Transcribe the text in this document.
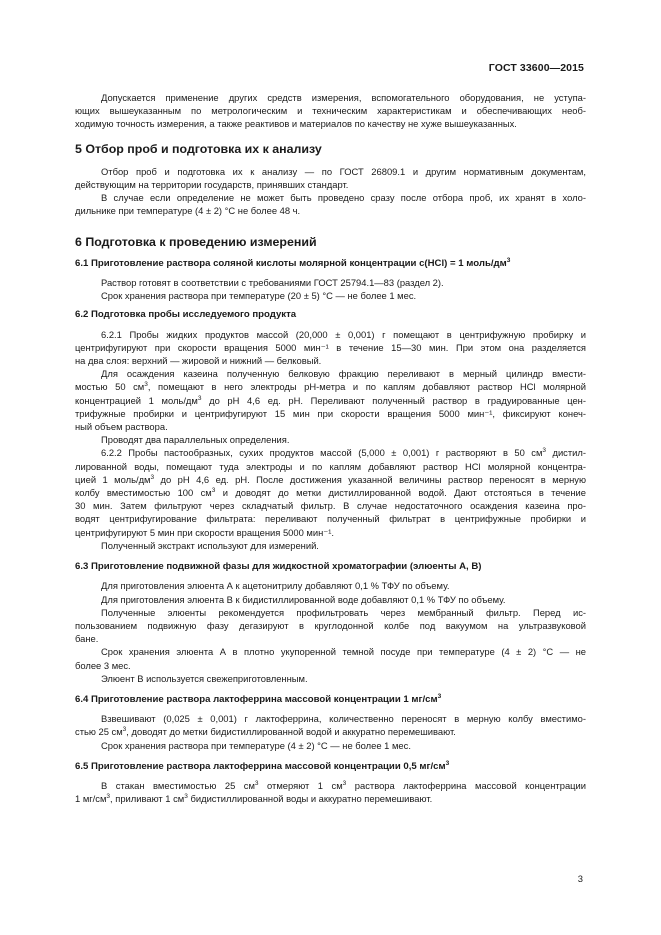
ГОСТ 33600—2015
Допускается применение других средств измерения, вспомогательного оборудования, не уступа-
ющих вышеуказанным по метрологическим и техническим характеристикам и обеспечивающих необ-
ходимую точность измерения, а также реактивов и материалов по качеству не хуже вышеуказанных.
5 Отбор проб и подготовка их к анализу
Отбор проб и подготовка их к анализу — по ГОСТ 26809.1 и другим нормативным документам,
действующим на территории государств, принявших стандарт.
В случае если определение не может быть проведено сразу после отбора проб, их хранят в холо-
дильнике при температуре (4 ± 2) °C не более 48 ч.
6 Подготовка к проведению измерений
6.1 Приготовление раствора соляной кислоты молярной концентрации c(HCl) = 1 моль/$дм^3$
Раствор готовят в соответствии с требованиями ГОСТ 25794.1—83 (раздел 2).
Срок хранения раствора при температуре (20 ± 5) °C — не более 1 мес.
6.2 Подготовка пробы исследуемого продукта
6.2.1 Пробы жидких продуктов массой (20,000 ± 0,001) г помещают в центрифужную пробирку и
центрифугируют при скорости вращения 5000 мин⁻¹ в течение 15—30 мин. При этом она разделяется
на два слоя: верхний — жировой и нижний — белковый.
Для осаждения казеина полученную белковую фракцию переливают в мерный цилиндр вмести-
мостью 50 $см^3$, помещают в него электроды pH-метра и по каплям добавляют раствор HCl молярной
концентрацией 1 моль/$дм^3$ до pH 4,6 ед. pH. Переливают полученный раствор в градуированные цен-
трифужные пробирки и центрифугируют 15 мин при скорости вращения 5000 мин⁻¹, фиксируют конеч-
ный объем раствора.
Проводят два параллельных определения.
6.2.2 Пробы пастообразных, сухих продуктов массой (5,000 ± 0,001) г растворяют в 50 $см^3$ дистил-
лированной воды, помещают туда электроды и по каплям добавляют раствор HCl молярной концентра-
цией 1 моль/$дм^3$ до pH 4,6 ед. pH. После достижения указанной величины раствор переносят в мерную
колбу вместимостью 100 $см^3$ и доводят до метки дистиллированной водой. Дают отстояться в течение
30 мин. Затем фильтруют через складчатый фильтр. В случае недостаточного осаждения казеина про-
водят центрифугирование фильтрата: переливают полученный фильтрат в центрифужные пробирки и
центрифугируют 5 мин при скорости вращения 5000 мин⁻¹.
Полученный экстракт используют для измерений.
6.3 Приготовление подвижной фазы для жидкостной хроматографии (элюенты А, В)
Для приготовления элюента А к ацетонитрилу добавляют 0,1 % ТФУ по объему.
Для приготовления элюента В к бидистиллированной воде добавляют 0,1 % ТФУ по объему.
Полученные элюенты рекомендуется профильтровать через мембранный фильтр. Перед ис-
пользованием подвижную фазу дегазируют в круглодонной колбе под вакуумом на ультразвуковой
бане.
Срок хранения элюента А в плотно укупоренной темной посуде при температуре (4 ± 2) °C — не
более 3 мес.
Элюент В используется свежеприготовленным.
6.4 Приготовление раствора лактоферрина массовой концентрации 1 $мг/см^3$
Взвешивают (0,025 ± 0,001) г лактоферрина, количественно переносят в мерную колбу вместимо-
стью 25 $см^3$, доводят до метки бидистиллированной водой и аккуратно перемешивают.
Срок хранения раствора при температуре (4 ± 2) °C — не более 1 мес.
6.5 Приготовление раствора лактоферрина массовой концентрации 0,5 $мг/см^3$
В стакан вместимостью 25 $см^3$ отмеряют 1 $см^3$ раствора лактоферрина массовой концентрации
1 $мг/см^3$, приливают 1 $см^3$ бидистиллированной воды и аккуратно перемешивают.
3
